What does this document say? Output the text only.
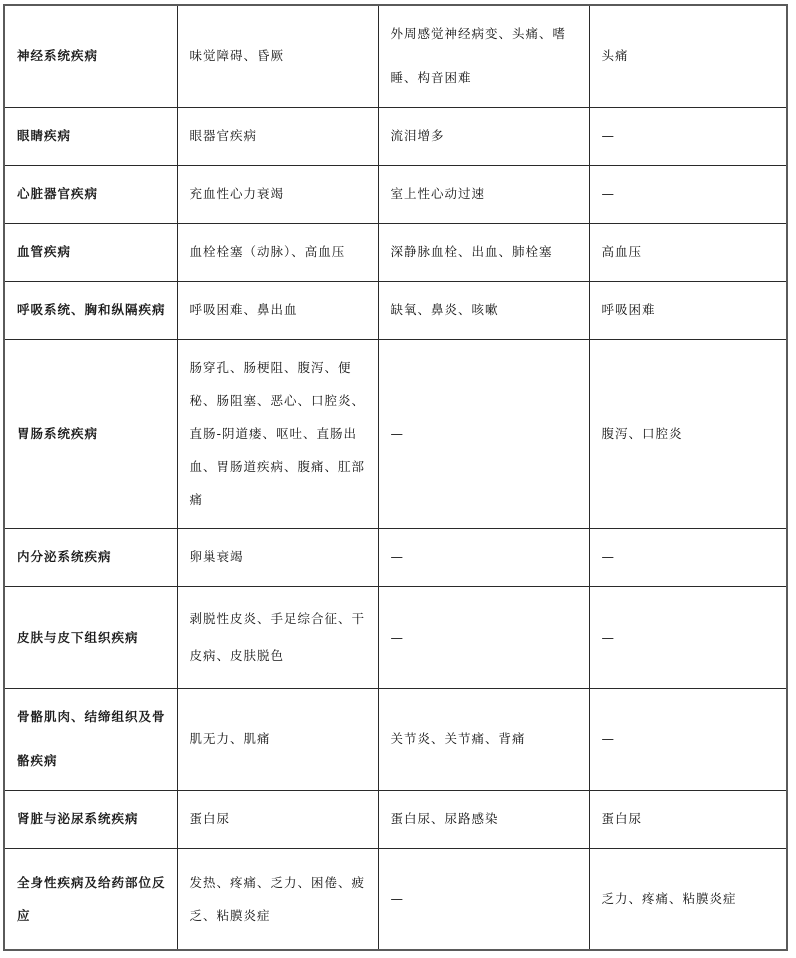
神经系统疾病	味觉障碍、昏厥	外周感觉神经病变、头痛、嗜睡、构音困难	头痛
眼睛疾病	眼器官疾病	流泪增多	—
心脏器官疾病	充血性心力衰竭	室上性心动过速	—
血管疾病	血栓栓塞（动脉）、高血压	深静脉血栓、出血、肺栓塞	高血压
呼吸系统、胸和纵隔疾病	呼吸困难、鼻出血	缺氧、鼻炎、咳嗽	呼吸困难
胃肠系统疾病	肠穿孔、肠梗阻、腹泻、便秘、肠阻塞、恶心、口腔炎、直肠-阴道瘘、呕吐、直肠出血、胃肠道疾病、腹痛、肛部痛	—	腹泻、口腔炎
内分泌系统疾病	卵巢衰竭	—	—
皮肤与皮下组织疾病	剥脱性皮炎、手足综合征、干皮病、皮肤脱色	—	—
骨骼肌肉、结缔组织及骨骼疾病	肌无力、肌痛	关节炎、关节痛、背痛	—
肾脏与泌尿系统疾病	蛋白尿	蛋白尿、尿路感染	蛋白尿
全身性疾病及给药部位反应	发热、疼痛、乏力、困倦、疲乏、粘膜炎症	—	乏力、疼痛、粘膜炎症
